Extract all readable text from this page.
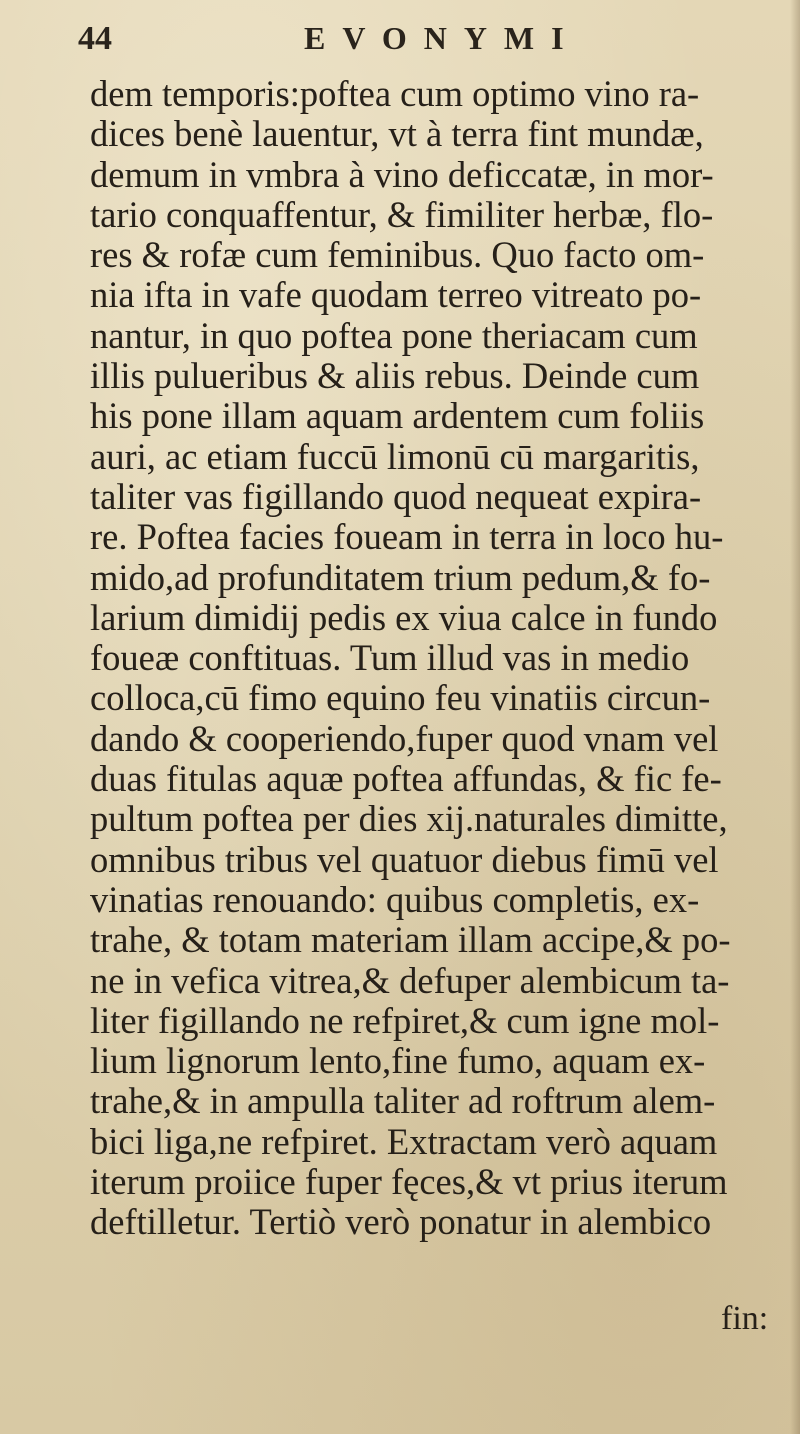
44	EVONYMI
dem temporis:poftea cum optimo vino ra-
dices benè lauentur, vt à terra fint mundæ,
demum in vmbra à vino deficcatæ, in mor-
tario conquaffentur, & fimiliter herbæ, flo-
res & rofæ cum feminibus. Quo facto om-
nia ifta in vafe quodam terreo vitreato po-
nantur, in quo poftea pone theriacam cum
illis pulueribus & aliis rebus. Deinde cum
his pone illam aquam ardentem cum foliis
auri, ac etiam fuccū limonū cū margaritis,
taliter vas figillando quod nequeat expira-
re. Poftea facies foueam in terra in loco hu-
mido,ad profunditatem trium pedum,& fo-
larium dimidij pedis ex viua calce in fundo
foueæ conftituas. Tum illud vas in medio
colloca,cū fimo equino feu vinatiis circun-
dando & cooperiendo,fuper quod vnam vel
duas fitulas aquæ poftea affundas, & fic fe-
pultum poftea per dies xij.naturales dimitte,
omnibus tribus vel quatuor diebus fimū vel
vinatias renouando: quibus completis, ex-
trahe, & totam materiam illam accipe,& po-
ne in vefica vitrea,& defuper alembicum ta-
liter figillando ne refpiret,& cum igne mol-
lium lignorum lento,fine fumo, aquam ex-
trahe,& in ampulla taliter ad roftrum alem-
bici liga,ne refpiret. Extractam verò aquam
iterum proiice fuper fęces,& vt prius iterum
deftilletur. Tertiò verò ponatur in alembico
fin:
